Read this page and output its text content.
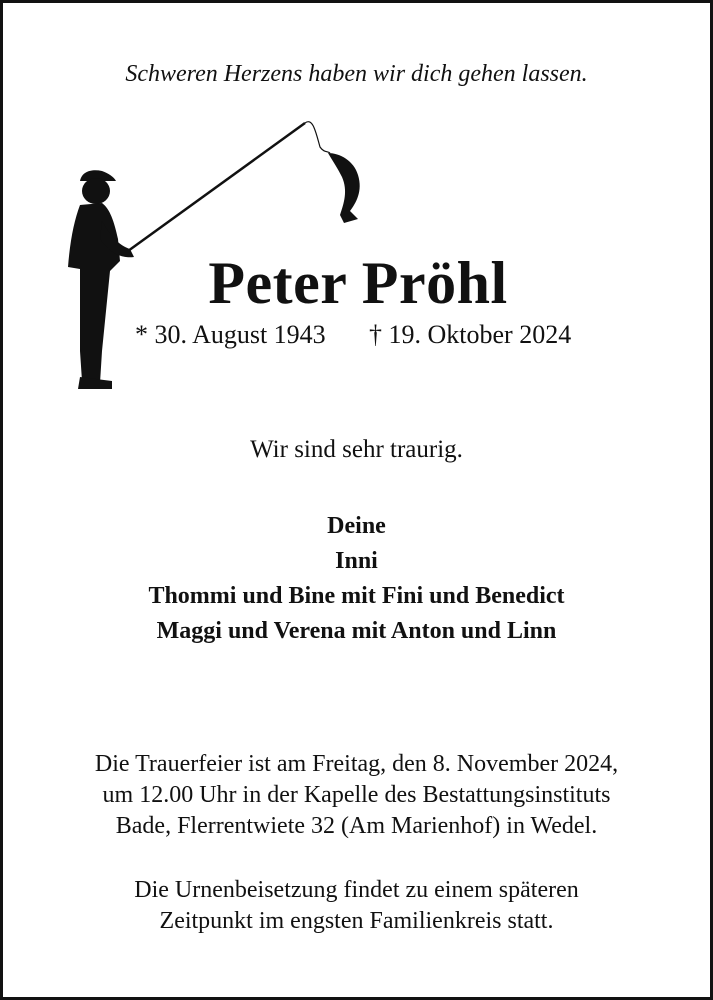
Schweren Herzens haben wir dich gehen lassen.
Peter Pröhl
* 30. August 1943 † 19. Oktober 2024
Wir sind sehr traurig.
Deine
Inni
Thommi und Bine mit Fini und Benedict
Maggi und Verena mit Anton und Linn
Die Trauerfeier ist am Freitag, den 8. November 2024,
um 12.00 Uhr in der Kapelle des Bestattungsinstituts
Bade, Flerrentwiete 32 (Am Marienhof) in Wedel.
Die Urnenbeisetzung findet zu einem späteren
Zeitpunkt im engsten Familienkreis statt.
